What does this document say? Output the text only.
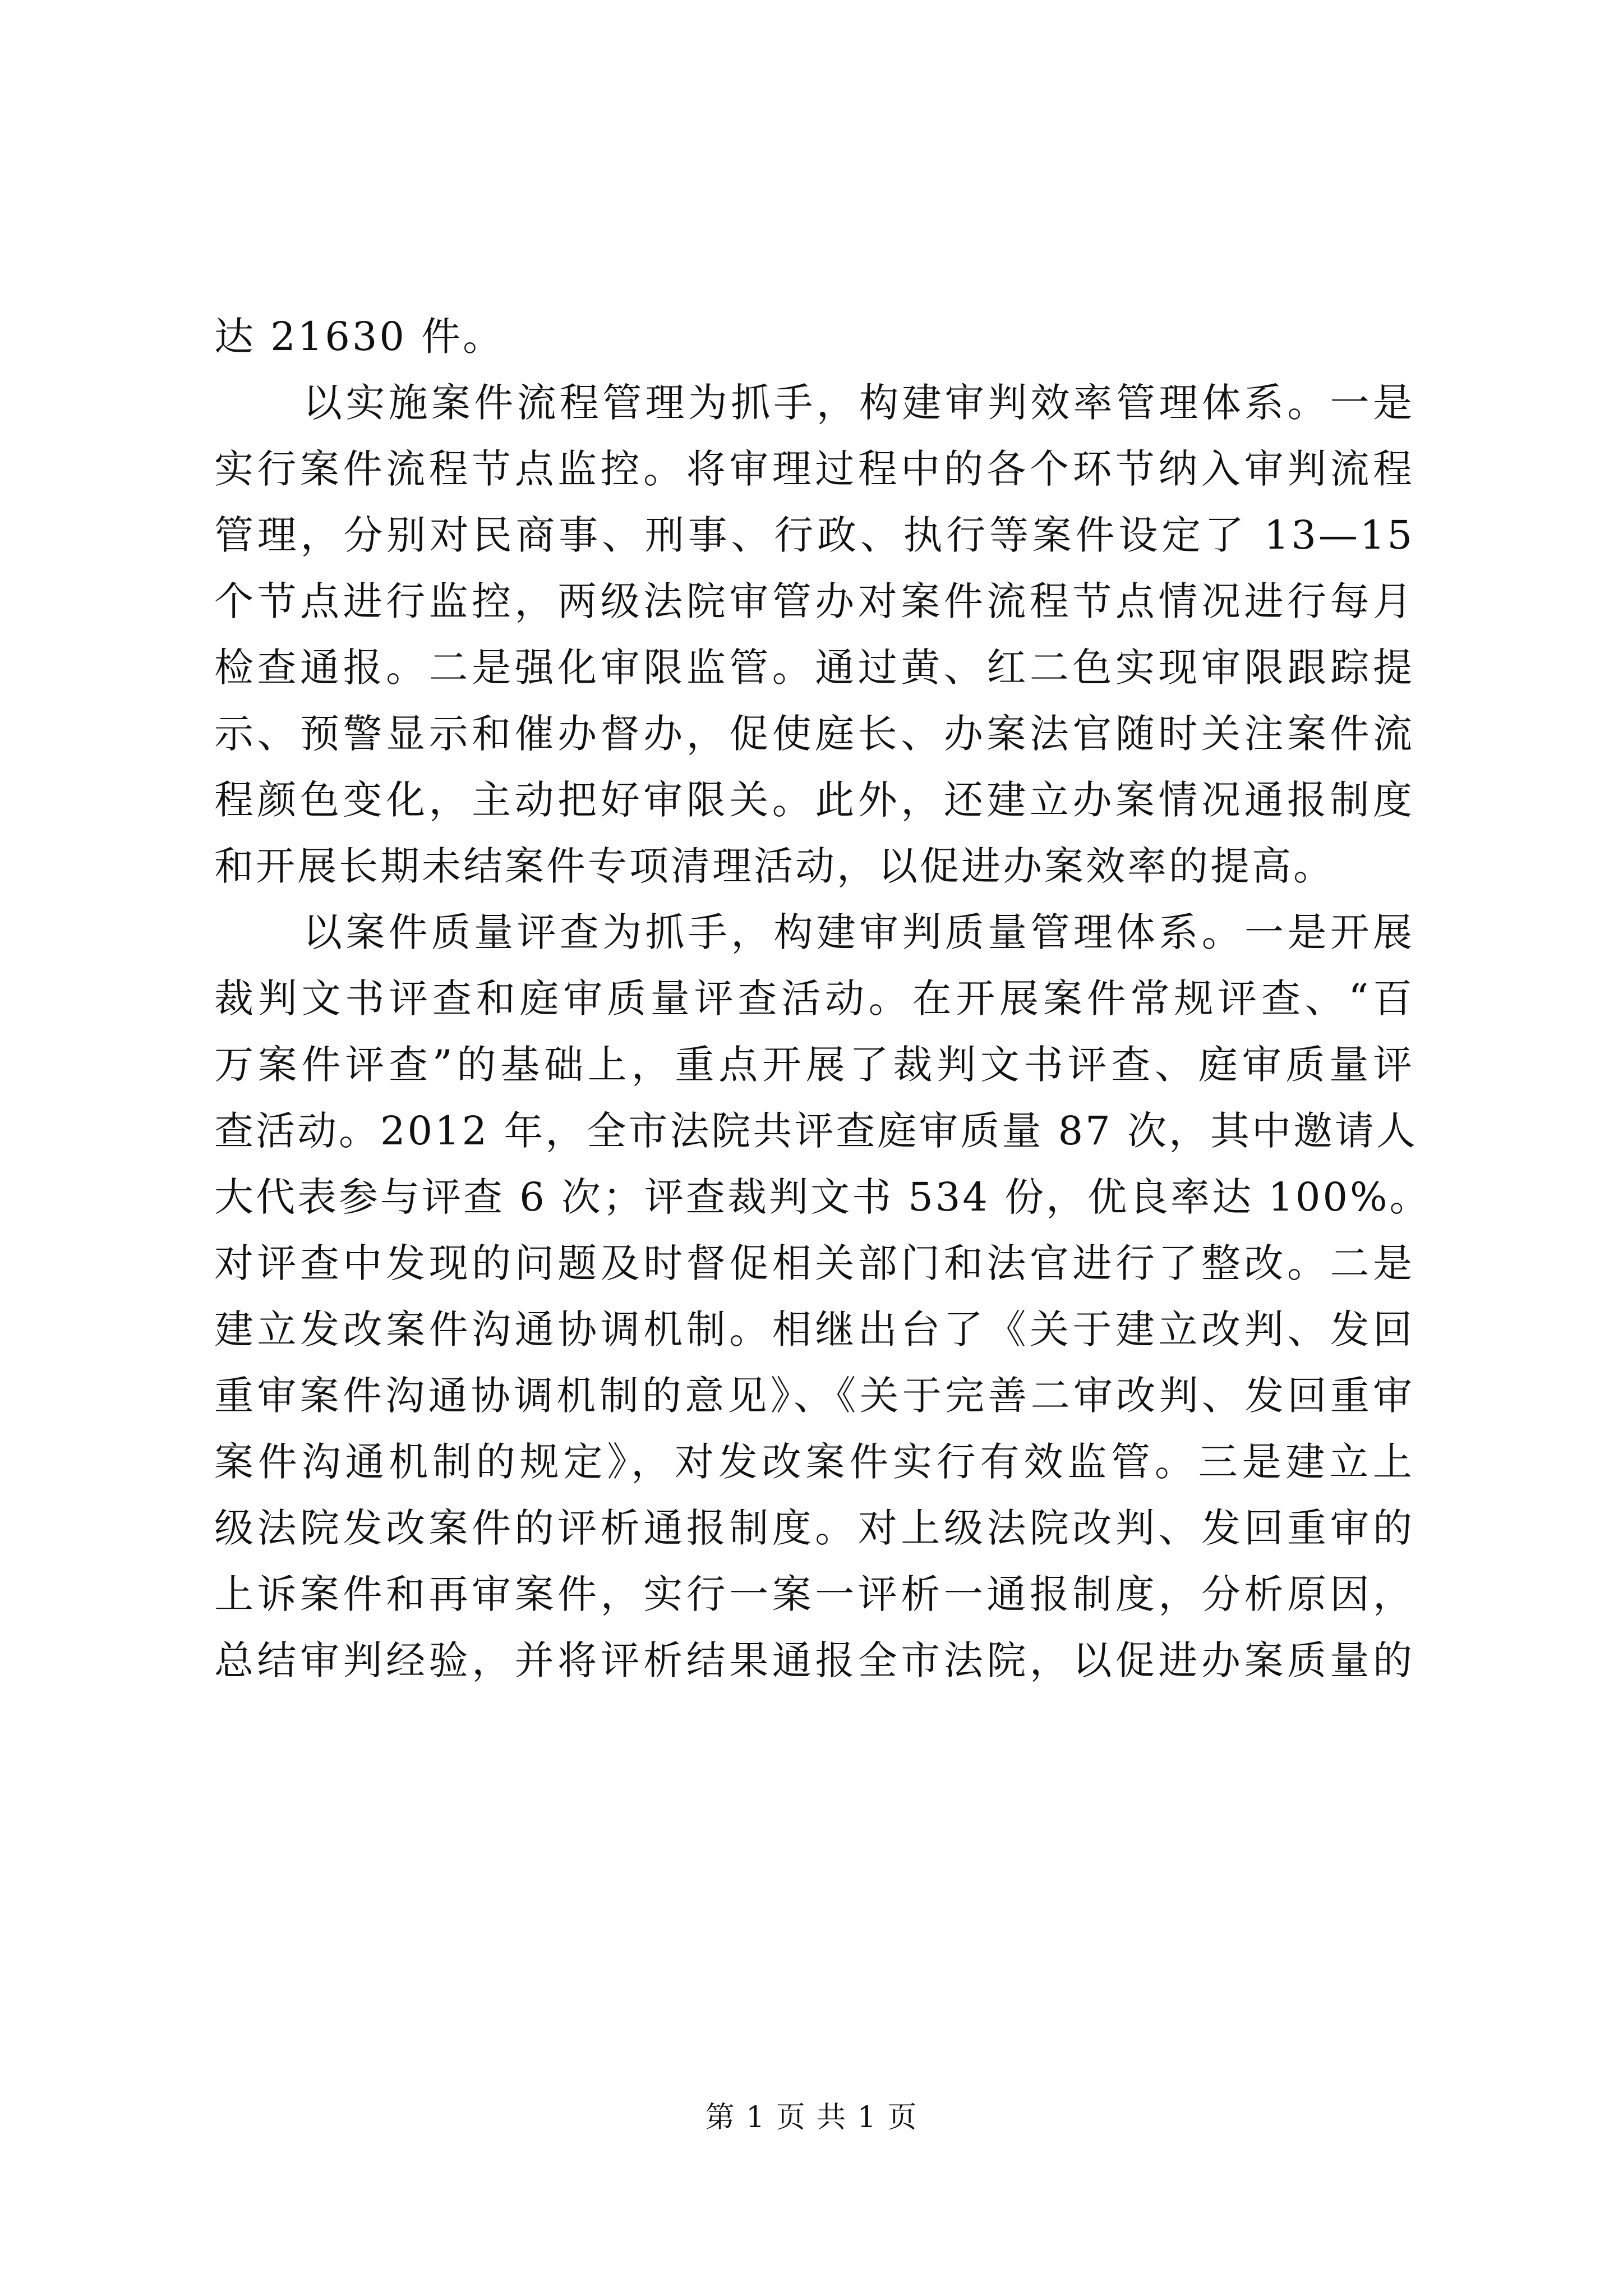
达 21630 件。
以实施案件流程管理为抓手，构建审判效率管理体系。一是
实行案件流程节点监控。将审理过程中的各个环节纳入审判流程
管理，分别对民商事、刑事、行政、执行等案件设定了 13—15
个节点进行监控，两级法院审管办对案件流程节点情况进行每月
检查通报。二是强化审限监管。通过黄、红二色实现审限跟踪提
示、预警显示和催办督办，促使庭长、办案法官随时关注案件流
程颜色变化，主动把好审限关。此外，还建立办案情况通报制度
和开展长期未结案件专项清理活动，以促进办案效率的提高。
以案件质量评查为抓手，构建审判质量管理体系。一是开展
裁判文书评查和庭审质量评查活动。在开展案件常规评查、“百
万案件评查”的基础上，重点开展了裁判文书评查、庭审质量评
查活动。2012 年，全市法院共评查庭审质量 87 次，其中邀请人
大代表参与评查 6 次；评查裁判文书 534 份，优良率达 100%。
对评查中发现的问题及时督促相关部门和法官进行了整改。二是
建立发改案件沟通协调机制。相继出台了《关于建立改判、发回
重审案件沟通协调机制的意见》、《关于完善二审改判、发回重审
案件沟通机制的规定》，对发改案件实行有效监管。三是建立上
级法院发改案件的评析通报制度。对上级法院改判、发回重审的
上诉案件和再审案件，实行一案一评析一通报制度，分析原因，
总结审判经验，并将评析结果通报全市法院，以促进办案质量的
第 1 页 共 1 页
